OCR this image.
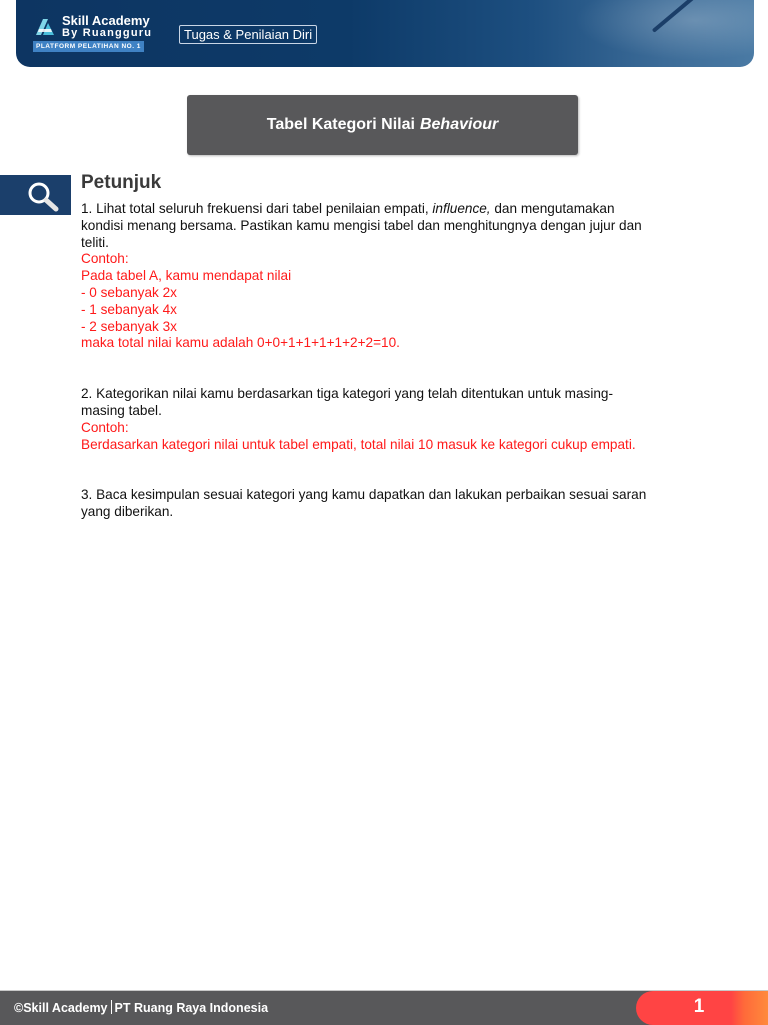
Skill Academy
By Ruangguru
PLATFORM PELATIHAN NO. 1
Tugas & Penilaian Diri
Tabel Kategori Nilai Behaviour
Petunjuk

1. Lihat total seluruh frekuensi dari tabel penilaian empati, influence, dan mengutamakan kondisi menang bersama. Pastikan kamu mengisi tabel dan menghitungnya dengan jujur dan teliti.

Contoh:

Pada tabel A, kamu mendapat nilai

- 0 sebanyak 2x

- 1 sebanyak 4x

- 2 sebanyak 3x

maka total nilai kamu adalah 0+0+1+1+1+1+2+2=10.

2. Kategorikan nilai kamu berdasarkan tiga kategori yang telah ditentukan untuk masing-masing tabel.

Contoh:

Berdasarkan kategori nilai untuk tabel empati, total nilai 10 masuk ke kategori cukup empati.

3. Baca kesimpulan sesuai kategori yang kamu dapatkan dan lakukan perbaikan sesuai saran yang diberikan.

©Skill Academy PT Ruang Raya Indonesia	1
